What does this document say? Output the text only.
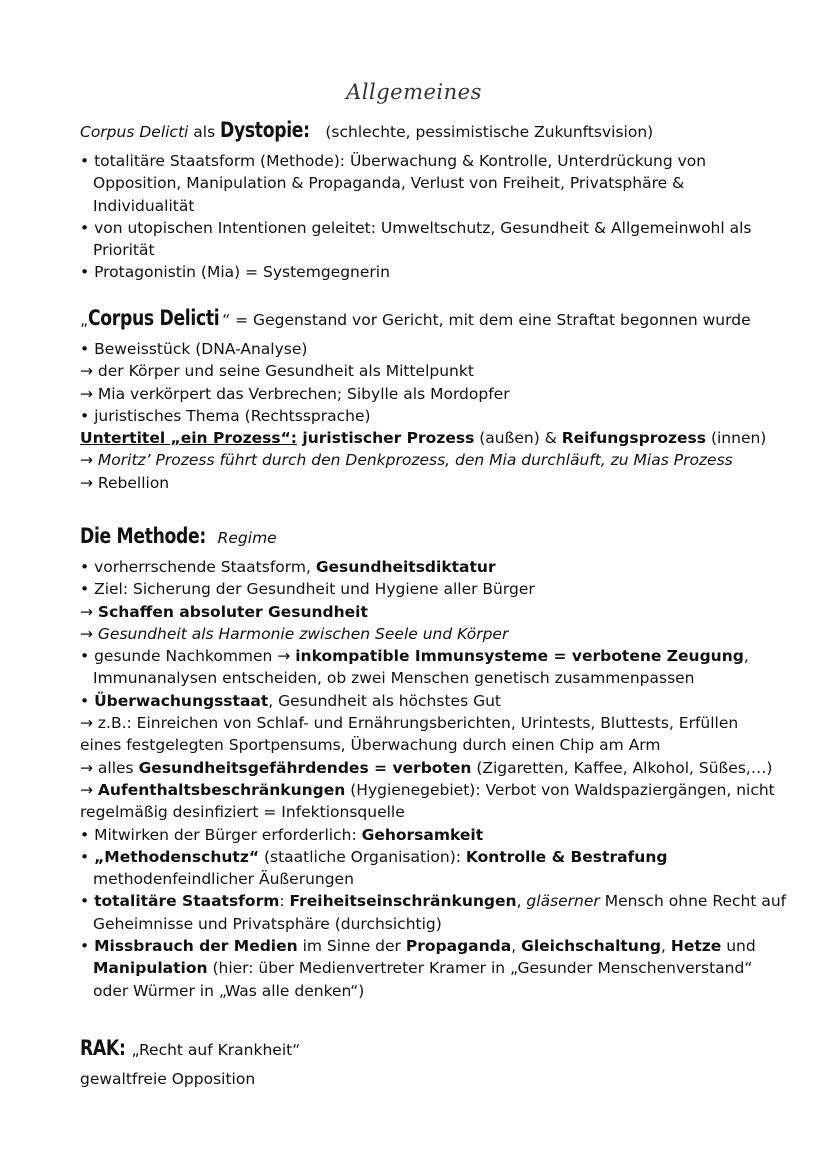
Allgemeines
Corpus Delicti als Dystopie: (schlechte, pessimistische Zukunftsvision)
• totalitäre Staatsform (Methode): Überwachung & Kontrolle, Unterdrückung von
Opposition, Manipulation & Propaganda, Verlust von Freiheit, Privatsphäre &
Individualität
• von utopischen Intentionen geleitet: Umweltschutz, Gesundheit & Allgemeinwohl als
Priorität
• Protagonistin (Mia) = Systemgegnerin
„Corpus Delicti “ = Gegenstand vor Gericht, mit dem eine Straftat begonnen wurde
• Beweisstück (DNA-Analyse)
→ der Körper und seine Gesundheit als Mittelpunkt
→ Mia verkörpert das Verbrechen; Sibylle als Mordopfer
• juristisches Thema (Rechtssprache)
Untertitel „ein Prozess“: juristischer Prozess (außen) & Reifungsprozess (innen)
→ Moritz’ Prozess führt durch den Denkprozess, den Mia durchläuft, zu Mias Prozess
→ Rebellion
Die Methode: Regime
• vorherrschende Staatsform, Gesundheitsdiktatur
• Ziel: Sicherung der Gesundheit und Hygiene aller Bürger
→ Schaffen absoluter Gesundheit
→ Gesundheit als Harmonie zwischen Seele und Körper
• gesunde Nachkommen → inkompatible Immunsysteme = verbotene Zeugung,
Immunanalysen entscheiden, ob zwei Menschen genetisch zusammenpassen
• Überwachungsstaat, Gesundheit als höchstes Gut
→ z.B.: Einreichen von Schlaf- und Ernährungsberichten, Urintests, Bluttests, Erfüllen
eines festgelegten Sportpensums, Überwachung durch einen Chip am Arm
→ alles Gesundheitsgefährdendes = verboten (Zigaretten, Kaffee, Alkohol, Süßes,…)
→ Aufenthaltsbeschränkungen (Hygienegebiet): Verbot von Waldspaziergängen, nicht
regelmäßig desinfiziert = Infektionsquelle
• Mitwirken der Bürger erforderlich: Gehorsamkeit
• „Methodenschutz“ (staatliche Organisation): Kontrolle & Bestrafung
methodenfeindlicher Äußerungen
• totalitäre Staatsform: Freiheitseinschränkungen, gläserner Mensch ohne Recht auf
Geheimnisse und Privatsphäre (durchsichtig)
• Missbrauch der Medien im Sinne der Propaganda, Gleichschaltung, Hetze und
Manipulation (hier: über Medienvertreter Kramer in „Gesunder Menschenverstand“
oder Würmer in „Was alle denken“)
RAK: „Recht auf Krankheit“
gewaltfreie Opposition
